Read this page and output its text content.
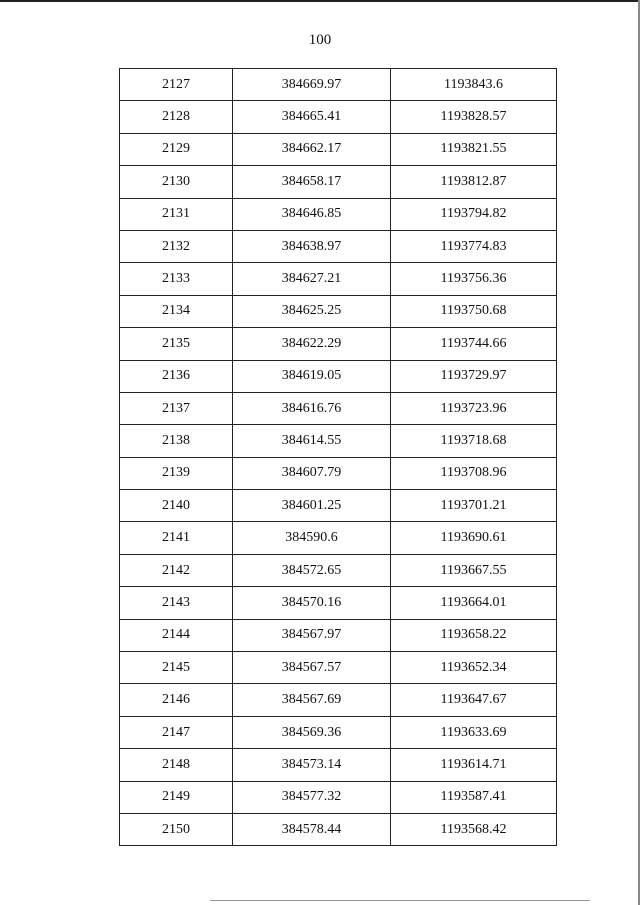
100
2127	384669.97	1193843.6
2128	384665.41	1193828.57
2129	384662.17	1193821.55
2130	384658.17	1193812.87
2131	384646.85	1193794.82
2132	384638.97	1193774.83
2133	384627.21	1193756.36
2134	384625.25	1193750.68
2135	384622.29	1193744.66
2136	384619.05	1193729.97
2137	384616.76	1193723.96
2138	384614.55	1193718.68
2139	384607.79	1193708.96
2140	384601.25	1193701.21
2141	384590.6	1193690.61
2142	384572.65	1193667.55
2143	384570.16	1193664.01
2144	384567.97	1193658.22
2145	384567.57	1193652.34
2146	384567.69	1193647.67
2147	384569.36	1193633.69
2148	384573.14	1193614.71
2149	384577.32	1193587.41
2150	384578.44	1193568.42
